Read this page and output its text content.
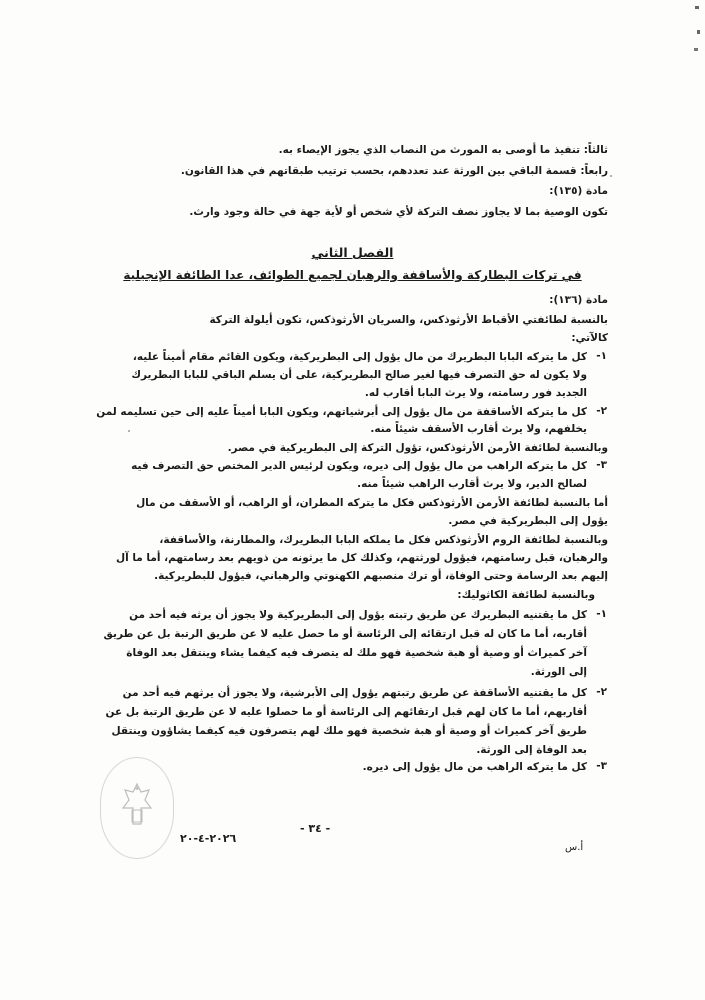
ثالثاً: تنفيذ ما أوصى به المورث من النصاب الذي يجوز الإيصاء به.
رابعاً: قسمة الباقي بين الورثة عند تعددهم، بحسب ترتيب طبقاتهم في هذا القانون.
مادة (١٣٥):
تكون الوصية بما لا يجاوز نصف التركة لأي شخص أو لأية جهة في حالة وجود وارث.
الفصل الثاني
في تركات البطاركة والأساقفة والرهبان لجميع الطوائف، عدا الطائفة الإنجيلية
مادة (١٣٦):
بالنسبة لطائفتي الأقباط الأرثوذكس، والسريان الأرثوذكس، تكون أيلولة التركة
كالآتي:
١-
كل ما يتركه البابا البطريرك من مال يؤول إلى البطريركية، ويكون القائم مقام أميناً عليه،
ولا يكون له حق التصرف فيها لغير صالح البطريركية، على أن يسلم الباقي للبابا البطريرك
الجديد فور رسامته، ولا يرث البابا أقارب له.
٢-
كل ما يتركه الأساقفة من مال يؤول إلى أبرشياتهم، ويكون البابا أميناً عليه إلى حين تسليمه لمن
يخلفهم، ولا يرث أقارب الأسقف شيئاً منه.
وبالنسبة لطائفة الأرمن الأرثوذكس، تؤول التركة إلى البطريركية في مصر.
٣-
كل ما يتركه الراهب من مال يؤول إلى ديره، ويكون لرئيس الدير المختص حق التصرف فيه
لصالح الدير، ولا يرث أقارب الراهب شيئاً منه.
أما بالنسبة لطائفة الأرمن الأرثوذكس فكل ما يتركه المطران، أو الراهب، أو الأسقف من مال
يؤول إلى البطريركية في مصر.
وبالنسبة لطائفة الروم الأرثوذكس فكل ما يملكه البابا البطريرك، والمطارنة، والأساقفة،
والرهبان، قبل رسامتهم، فيؤول لورثتهم، وكذلك كل ما يرثونه من ذويهم بعد رسامتهم، أما ما آل
إليهم بعد الرسامة وحتى الوفاة، أو ترك منصبهم الكهنوتي والرهباني، فيؤول للبطريركية.
وبالنسبة لطائفة الكاثوليك:
١-
كل ما يقتنيه البطريرك عن طريق رتبته يؤول إلى البطريركية ولا يجوز أن يرثه فيه أحد من
أقاربه، أما ما كان له قبل ارتقائه إلى الرئاسة أو ما حصل عليه لا عن طريق الرتبة بل عن طريق
آخر كميراث أو وصية أو هبة شخصية فهو ملك له يتصرف فيه كيفما يشاء وينتقل بعد الوفاة
إلى الورثة.
٢-
كل ما يقتنيه الأساقفة عن طريق رتبتهم يؤول إلى الأبرشية، ولا يجوز أن يرثهم فيه أحد من
أقاربهم، أما ما كان لهم قبل ارتقائهم إلى الرئاسة أو ما حصلوا عليه لا عن طريق الرتبة بل عن
طريق آخر كميراث أو وصية أو هبة شخصية فهو ملك لهم يتصرفون فيه كيفما يشاؤون وينتقل
بعد الوفاة إلى الورثة.
٣-
كل ما يتركه الراهب من مال يؤول إلى ديره.
- ٣٤ -
٢٠٢٦-٤-٢٠
أ.س
